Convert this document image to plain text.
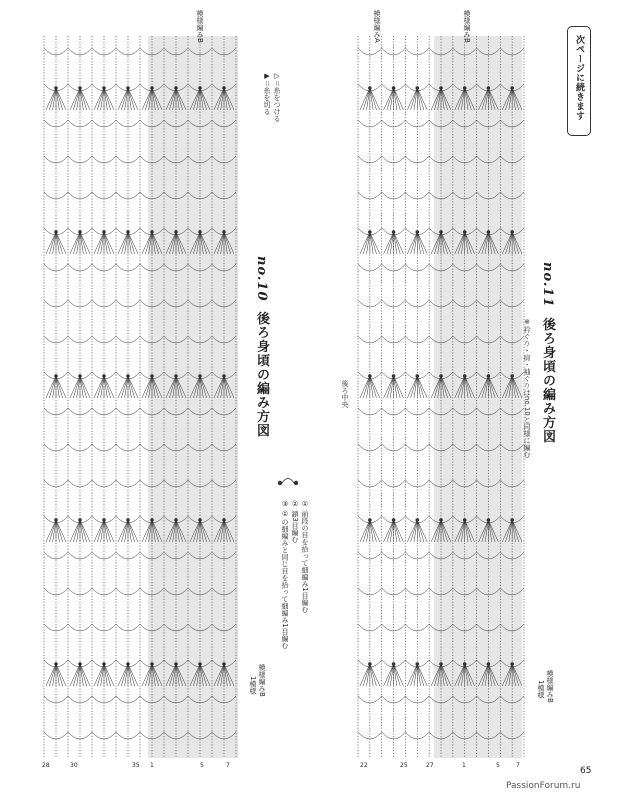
次ページに続きます
模様編みA	模様編みB
模様編みB
▷＝糸をつける
▶＝糸を切る
no.11後ろ身頃の編み方図
※衿ぐり・肩・袖ぐりはno.10と同様に編む
後ろ中央
no.10後ろ身頃の編み方図
① 前段の目を拾って細編み1目編む
② 鎖3目編む
③ ①の細編みと同じ目を拾って細編み1目編む
模様編みB
1模様
模様編みB
1模様
22	25	27	1	5	7
28	30	35 1	5	7
65
PassionForum.ru
